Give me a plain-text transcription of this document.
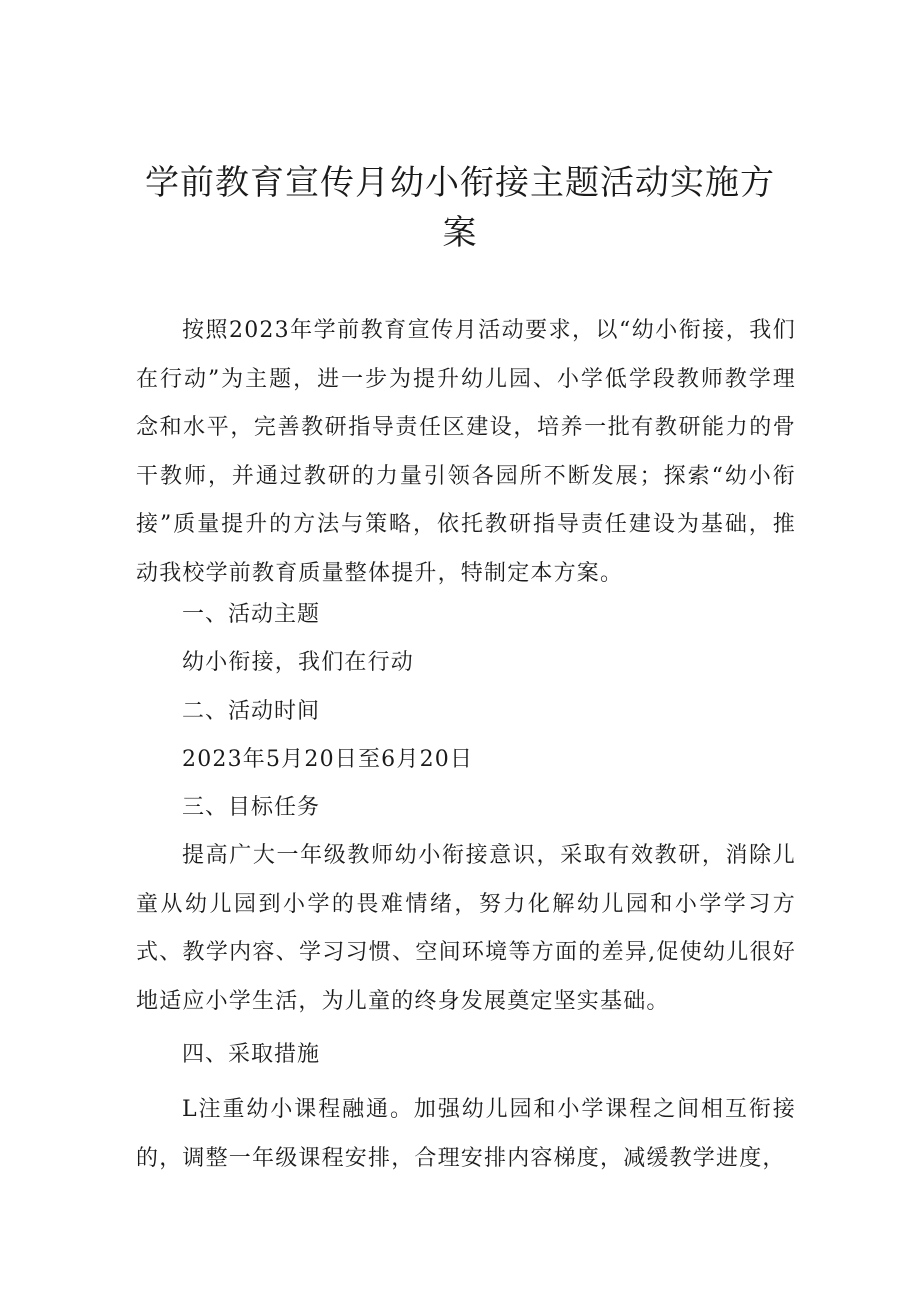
学前教育宣传月幼小衔接主题活动实施方
案

按照2023年学前教育宣传月活动要求，以“幼小衔接，我们在行动”为主题，进一步为提升幼儿园、小学低学段教师教学理念和水平，完善教研指导责任区建设，培养一批有教研能力的骨干教师，并通过教研的力量引领各园所不断发展；探索“幼小衔接”质量提升的方法与策略，依托教研指导责任建设为基础，推动我校学前教育质量整体提升，特制定本方案。

一、活动主题

幼小衔接，我们在行动

二、活动时间

2023年5月20日至6月20日

三、目标任务

提高广大一年级教师幼小衔接意识，采取有效教研，消除儿童从幼儿园到小学的畏难情绪，努力化解幼儿园和小学学习方式、教学内容、学习习惯、空间环境等方面的差异,促使幼儿很好地适应小学生活，为儿童的终身发展奠定坚实基础。

四、采取措施

L注重幼小课程融通。加强幼儿园和小学课程之间相互衔接的，调整一年级课程安排，合理安排内容梯度，减缓教学进度，
